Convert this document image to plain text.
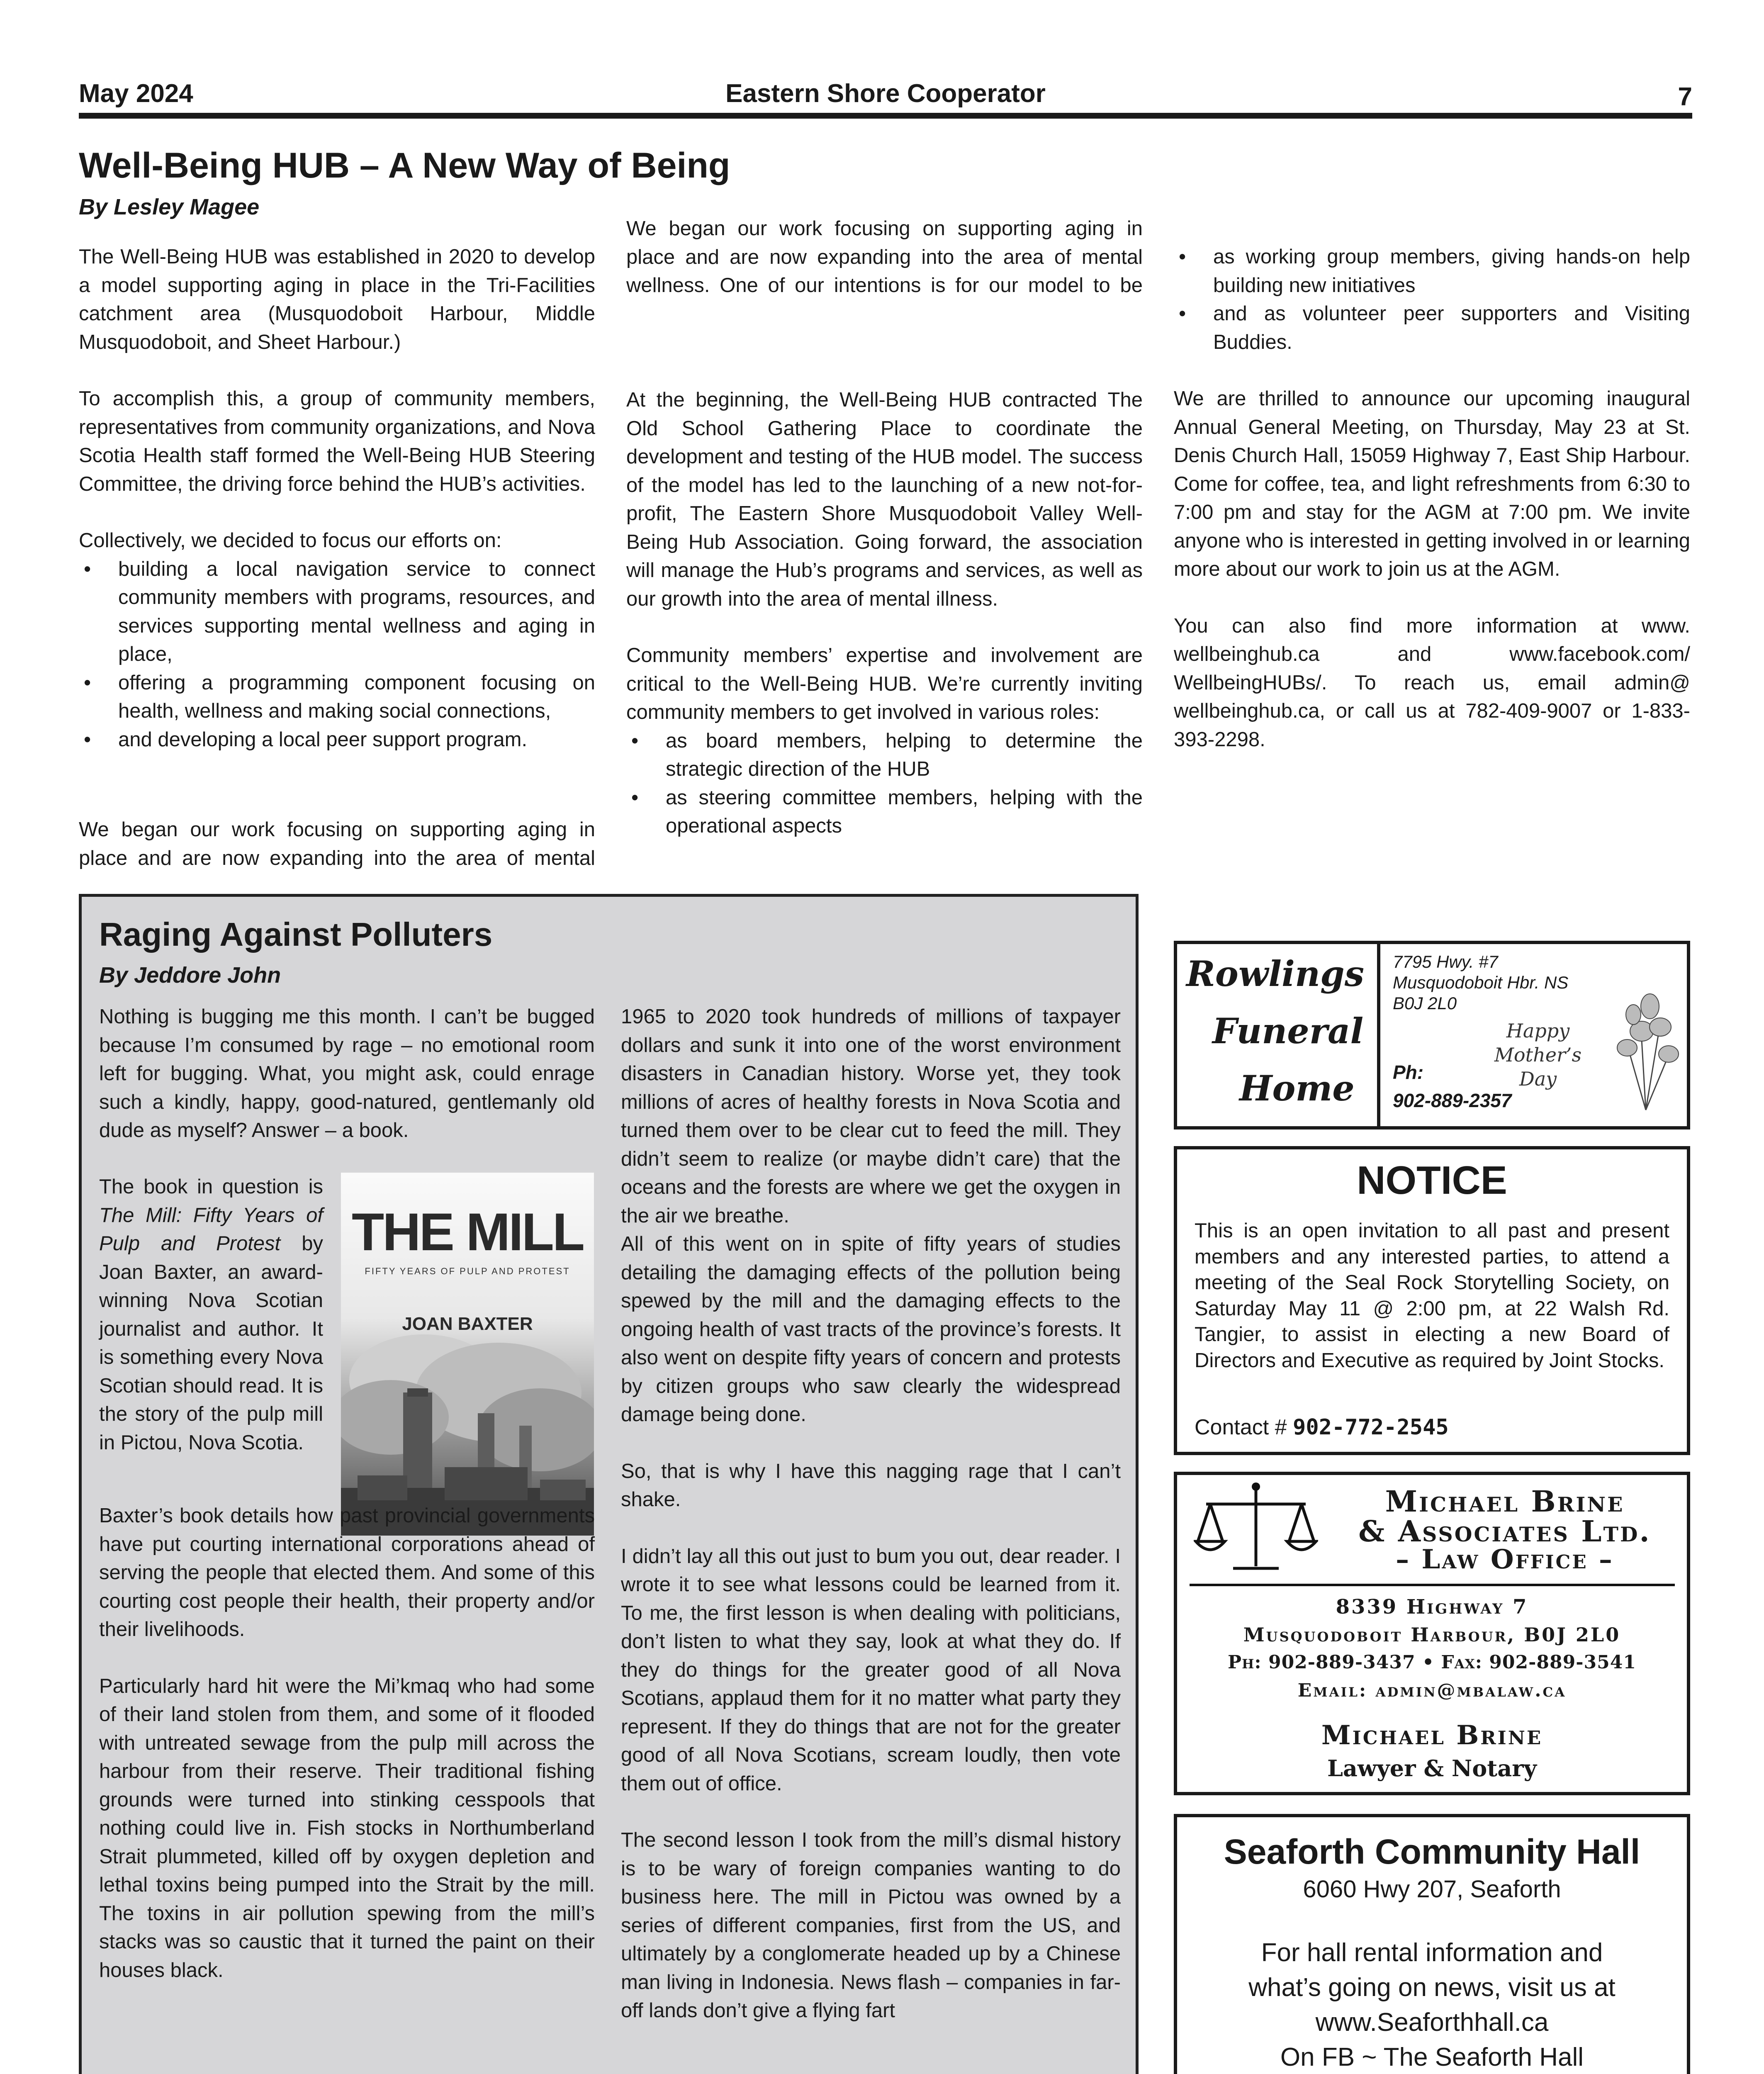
May 2024	Eastern Shore Cooperator	7
Well-Being HUB – A New Way of Being
By Lesley Magee

The Well-Being HUB was established in 2020 to develop a model supporting aging in place in the Tri-Facilities catchment area (Musquodoboit Harbour, Middle Musquodoboit, and Sheet Harbour.)

To accomplish this, a group of community members, representatives from community organizations, and Nova Scotia Health staff formed the Well-Being HUB Steering Committee, the driving force behind the HUB’s activities.

Collectively, we decided to focus our efforts on:

• building a local navigation service to connect community members with programs, resources, and services supporting mental wellness and aging in place,
• offering a programming component focusing on health, wellness and making social connections,
• and developing a local peer support program.

We began our work focusing on supporting aging in place and are now expanding into the area of mental

We began our work focusing on supporting aging in place and are now expanding into the area of mental wellness. One of our intentions is for our model to be

At the beginning, the Well-Being HUB contracted The Old School Gathering Place to coordinate the development and testing of the HUB model. The success of the model has led to the launching of a new not-for-profit, The Eastern Shore Musquodoboit Valley Well-Being Hub Association. Going forward, the association will manage the Hub’s programs and services, as well as our growth into the area of mental illness.

Community members’ expertise and involvement are critical to the Well-Being HUB. We’re currently inviting community members to get involved in various roles:

• as board members, helping to determine the strategic direction of the HUB
• as steering committee members, helping with the operational aspects
• as working group members, giving hands-on help building new initiatives
• and as volunteer peer supporters and Visiting Buddies.

We are thrilled to announce our upcoming inaugural Annual General Meeting, on Thursday, May 23 at St. Denis Church Hall, 15059 Highway 7, East Ship Harbour. Come for coffee, tea, and light refreshments from 6:30 to 7:00 pm and stay for the AGM at 7:00 pm. We invite anyone who is interested in getting involved in or learning more about our work to join us at the AGM.

You can also find more information at www. wellbeinghub.ca and www.facebook.com/ WellbeingHUBs/. To reach us, email admin@ wellbeinghub.ca, or call us at 782-409-9007 or 1-833-393-2298.

Raging Against Polluters
By Jeddore John

Nothing is bugging me this month. I can’t be bugged because I’m consumed by rage – no emotional room left for bugging. What, you might ask, could enrage such a kindly, happy, good-natured, gentlemanly old dude as myself? Answer – a book.

The book in question is The Mill: Fifty Years of Pulp and Protest by Joan Baxter, an award-winning Nova Scotian journalist and author. It is something every Nova Scotian should read. It is the story of the pulp mill in Pictou, Nova Scotia.

THE MILL
FIFTY YEARS OF PULP AND PROTEST
JOAN BAXTER

Baxter’s book details how past provincial governments have put courting international corporations ahead of serving the people that elected them. And some of this courting cost people their health, their property and/or their livelihoods.

Particularly hard hit were the Mi’kmaq who had some of their land stolen from them, and some of it flooded with untreated sewage from the pulp mill across the harbour from their reserve. Their traditional fishing grounds were turned into stinking cesspools that nothing could live in. Fish stocks in Northumberland Strait plummeted, killed off by oxygen depletion and lethal toxins being pumped into the Strait by the mill. The toxins in air pollution spewing from the mill’s stacks was so caustic that it turned the paint on their houses black.

1965 to 2020 took hundreds of millions of taxpayer dollars and sunk it into one of the worst environment disasters in Canadian history. Worse yet, they took millions of acres of healthy forests in Nova Scotia and turned them over to be clear cut to feed the mill. They didn’t seem to realize (or maybe didn’t care) that the oceans and the forests are where we get the oxygen in the air we breathe.

All of this went on in spite of fifty years of studies detailing the damaging effects of the pollution being spewed by the mill and the damaging effects to the ongoing health of vast tracts of the province’s forests. It also went on despite fifty years of concern and protests by citizen groups who saw clearly the widespread damage being done.

So, that is why I have this nagging rage that I can’t shake.

I didn’t lay all this out just to bum you out, dear reader. I wrote it to see what lessons could be learned from it. To me, the first lesson is when dealing with politicians, don’t listen to what they say, look at what they do. If they do things for the greater good of all Nova Scotians, applaud them for it no matter what party they represent. If they do things that are not for the greater good of all Nova Scotians, scream loudly, then vote them out of office.

The second lesson I took from the mill’s dismal history is to be wary of foreign companies wanting to do business here. The mill in Pictou was owned by a series of different companies, first from the US, and ultimately by a conglomerate headed up by a Chinese man living in Indonesia. News flash – companies in far-off lands don’t give a flying fart

Rowlings
Funeral
Home
7795 Hwy. #7
Musquodoboit Hbr. NS
B0J 2L0
Ph:
902-889-2357
Happy
Mother’s Day
NOTICE
This is an open invitation to all past and present members and any interested parties, to attend a meeting of the Seal Rock Storytelling Society, on Saturday May 11 @ 2:00 pm, at 22 Walsh Rd. Tangier, to assist in electing a new Board of Directors and Executive as required by Joint Stocks.
Contact # 902-772-2545
Michael Brine
& Associates Ltd.
– Law Office –
8339 Highway 7
Musquodoboit Harbour, B0J 2L0
Ph: 902-889-3437 • Fax: 902-889-3541
Email: admin@mbalaw.ca
Michael Brine
Lawyer & Notary
Seaforth Community Hall
6060 Hwy 207, Seaforth
For hall rental information and
what’s going on news, visit us at
www.Seaforthhall.ca
On FB ~ The Seaforth Hall
